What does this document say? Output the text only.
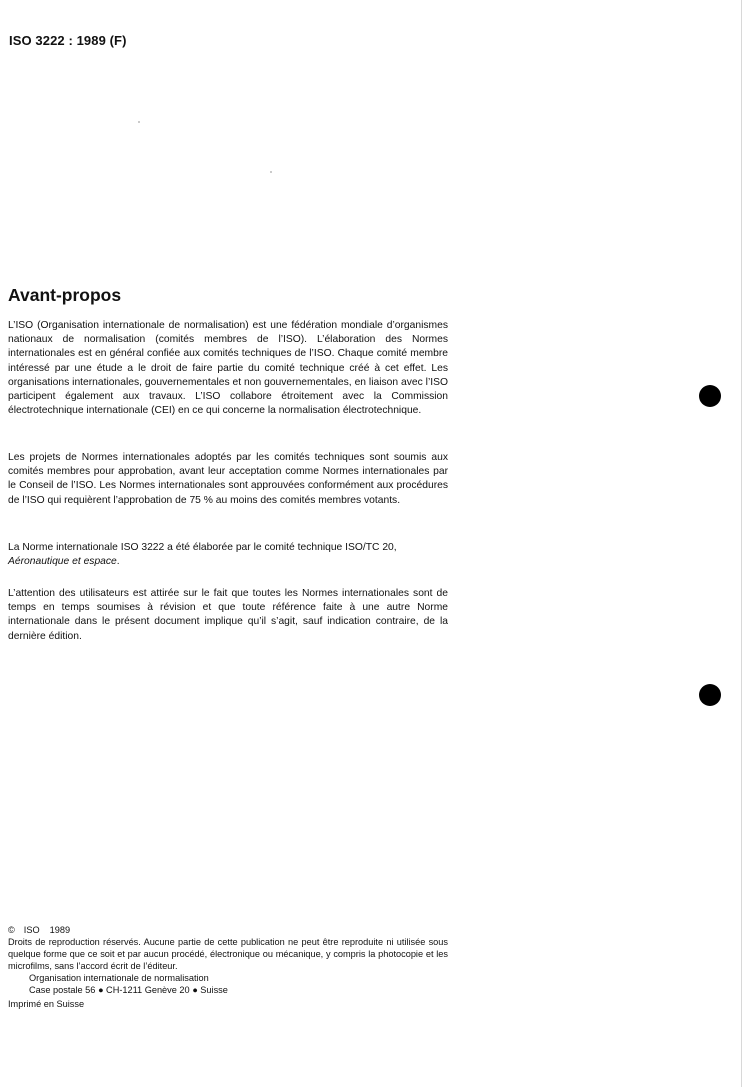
ISO 3222 : 1989 (F)
Avant-propos

L’ISO (Organisation internationale de normalisation) est une fédération mondiale d’organismes nationaux de normalisation (comités membres de l’ISO). L’élaboration des Normes internationales est en général confiée aux comités techniques de l’ISO. Chaque comité membre intéressé par une étude a le droit de faire partie du comité technique créé à cet effet. Les organisations internationales, gouvernementales et non gouvernementales, en liaison avec l’ISO participent également aux travaux. L’ISO collabore étroitement avec la Commission électrotechnique internationale (CEI) en ce qui concerne la normalisation électrotechnique.

Les projets de Normes internationales adoptés par les comités techniques sont soumis aux comités membres pour approbation, avant leur acceptation comme Normes internationales par le Conseil de l’ISO. Les Normes internationales sont approuvées conformément aux procédures de l’ISO qui requièrent l’approbation de 75 % au moins des comités membres votants.

La Norme internationale ISO 3222 a été élaborée par le comité technique ISO/TC 20,
Aéronautique et espace.

L’attention des utilisateurs est attirée sur le fait que toutes les Normes internationales sont de temps en temps soumises à révision et que toute référence faite à une autre Norme internationale dans le présent document implique qu’il s’agit, sauf indication contraire, de la dernière édition.

© ISO 1989

Droits de reproduction réservés. Aucune partie de cette publication ne peut être reproduite ni utilisée sous quelque forme que ce soit et par aucun procédé, électronique ou mécanique, y compris la photocopie et les microfilms, sans l’accord écrit de l’éditeur.

Organisation internationale de normalisation

Case postale 56 ● CH-1211 Genève 20 ● Suisse

Imprimé en Suisse
